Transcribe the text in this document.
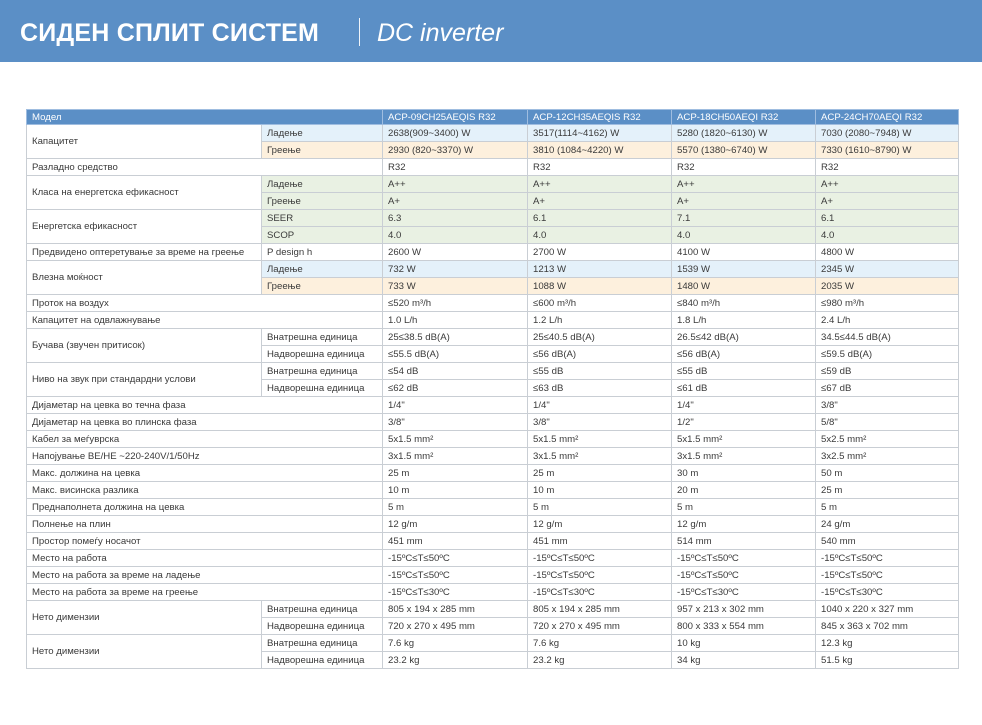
СИДЕН СПЛИТ СИСТЕМ DC inverter
Модел		ACP-09CH25AEQIS R32	ACP-12CH35AEQIS R32	ACP-18CH50AEQI R32	ACP-24CH70AEQI R32
Капацитет	Ладење	2638(909~3400) W	3517(1114~4162) W	5280 (1820~6130) W	7030 (2080~7948) W
	Греење	2930 (820~3370) W	3810 (1084~4220) W	5570 (1380~6740) W	7330 (1610~8790) W
Разладно средство		R32	R32	R32	R32
Класа на енергетска ефикасност	Ладење	A++	A++	A++	A++
	Греење	A+	A+	A+	A+
Енергетска ефикасност	SEER	6.3	6.1	7.1	6.1
	SCOP	4.0	4.0	4.0	4.0
Предвидено оптеретување за време на греење	P design h	2600 W	2700 W	4100 W	4800 W
Влезна моќност	Ладење	732 W	1213 W	1539 W	2345 W
	Греење	733 W	1088 W	1480 W	2035 W
Проток на воздух		≤520 m³/h	≤600 m³/h	≤840 m³/h	≤980 m³/h
Капацитет на одвлажнување		1.0 L/h	1.2 L/h	1.8 L/h	2.4 L/h
Бучава (звучен притисок)	Внатрешна единица	25≤38.5 dB(A)	25≤40.5 dB(A)	26.5≤42 dB(A)	34.5≤44.5 dB(A)
	Надворешна единица	≤55.5 dB(A)	≤56 dB(A)	≤56 dB(A)	≤59.5 dB(A)
Ниво на звук при стандардни услови	Внатрешна единица	≤54 dB	≤55 dB	≤55 dB	≤59 dB
	Надворешна единица	≤62 dB	≤63 dB	≤61 dB	≤67 dB
Дијаметар на цевка во течна фаза		1/4"	1/4"	1/4"	3/8"
Дијаметар на цевка во плинска фаза		3/8"	3/8"	1/2"	5/8"
Кабел за меѓуврска		5x1.5 mm²	5x1.5 mm²	5x1.5 mm²	5x2.5 mm²
Напојување ВЕ/НЕ ~220-240V/1/50Hz		3x1.5 mm²	3x1.5 mm²	3x1.5 mm²	3x2.5 mm²
Макс. должина на цевка		25 m	25 m	30 m	50 m
Макс. висинска разлика		10 m	10 m	20 m	25 m
Преднаполнета должина на цевка		5 m	5 m	5 m	5 m
Полнење на плин		12 g/m	12 g/m	12 g/m	24 g/m
Простор помеѓу носачот		451 mm	451 mm	514 mm	540 mm
Место на работа		-15ºC≤T≤50ºC	-15ºC≤T≤50ºC	-15ºC≤T≤50ºC	-15ºC≤T≤50ºC
Место на работа за време на ладење		-15ºC≤T≤50ºC	-15ºC≤T≤50ºC	-15ºC≤T≤50ºC	-15ºC≤T≤50ºC
Место на работа за време на греење		-15ºC≤T≤30ºC	-15ºC≤T≤30ºC	-15ºC≤T≤30ºC	-15ºC≤T≤30ºC
Нето димензии	Внатрешна единица	805 x 194 x 285 mm	805 x 194 x 285 mm	957 x 213 x 302 mm	1040 x 220 x 327 mm
	Надворешна единица	720 x 270 x 495 mm	720 x 270 x 495 mm	800 x 333 x 554 mm	845 x 363 x 702 mm
Нето димензии	Внатрешна единица	7.6 kg	7.6 kg	10 kg	12.3 kg
	Надворешна единица	23.2 kg	23.2 kg	34 kg	51.5 kg
